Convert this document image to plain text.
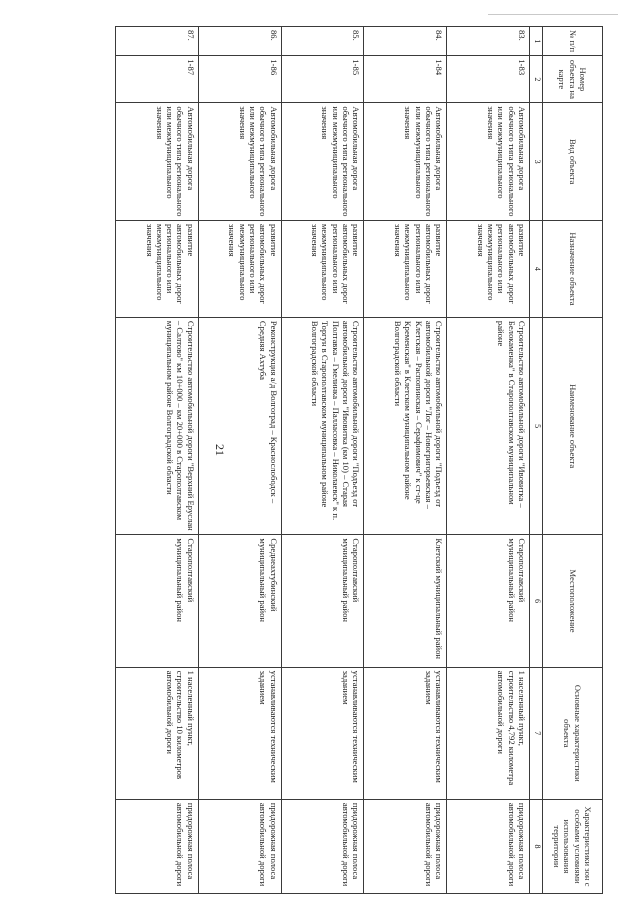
21
№ п/п	Номер объекта на карте	Вид объекта	Назначение объекта	Наименование объекта	Местоположение	Основные характеристики объекта	Характеристики зон с особыми условиями использования территории
1	2	3	4	5	6	7	8
83.	1-83	Автомобильная дорога обычного типа регионального или межмуниципального значения	развитие автомобильных дорог регионального или межмуниципального значения	Строительство автомобильной дороги "Ивовитка – Белокаменка" в Старополтавском муниципальном районе	Старополтавский муниципальный район	1 населенный пункт, строительство 4,792 километра автомобильной дороги	придорожная полоса автомобильной дороги
84.	1-84	Автомобильная дорога обычного типа регионального или межмуниципального значения	развитие автомобильных дорог регионального или межмуниципального значения	Строительство автомобильной дороги "Подъезд от автомобильной дороги "Лог – Новогригорьевская – Клетская – Распопинская – Серафимович" к ст-це Кременская" в Клетском муниципальном районе Волгоградской области	Клетский муниципальный район	устанавливаются техническим заданием	придорожная полоса автомобильной дороги
85.	1-85	Автомобильная дорога обычного типа регионального или межмуниципального значения	развитие автомобильных дорог регионального или межмуниципального значения	Строительство автомобильной дороги "Подъезд от автомобильной дороги "Ивовитка (км 10) – Старая Полтавка – Гмелинка – Палласовка – Николаевск" к п. Торгун в Старополтавском муниципальном районе Волгоградской области	Старополтавский муниципальный район	устанавливаются техническим заданием	придорожная полоса автомобильной дороги
86.	1-86	Автомобильная дорога обычного типа регионального или межмуниципального значения	развитие автомобильных дорог регионального или межмуниципального значения	Реконструкция а/д Волгоград – Краснослободск – Средняя Ахтуба	Среднеахтубинский муниципальный район	устанавливаются техническим заданием	придорожная полоса автомобильной дороги
87.	1-87	Автомобильная дорога обычного типа регионального или межмуниципального значения	развитие автомобильных дорог регионального или межмуниципального значения	Строительство автомобильной дороги "Верхний Еруслан – Салтово" км 10+000 – км 20+000 в Старополтавском муниципальном районе Волгоградской области	Старополтавский муниципальный район	1 населенный пункт, строительство 10 километров автомобильной дороги	придорожная полоса автомобильной дороги
